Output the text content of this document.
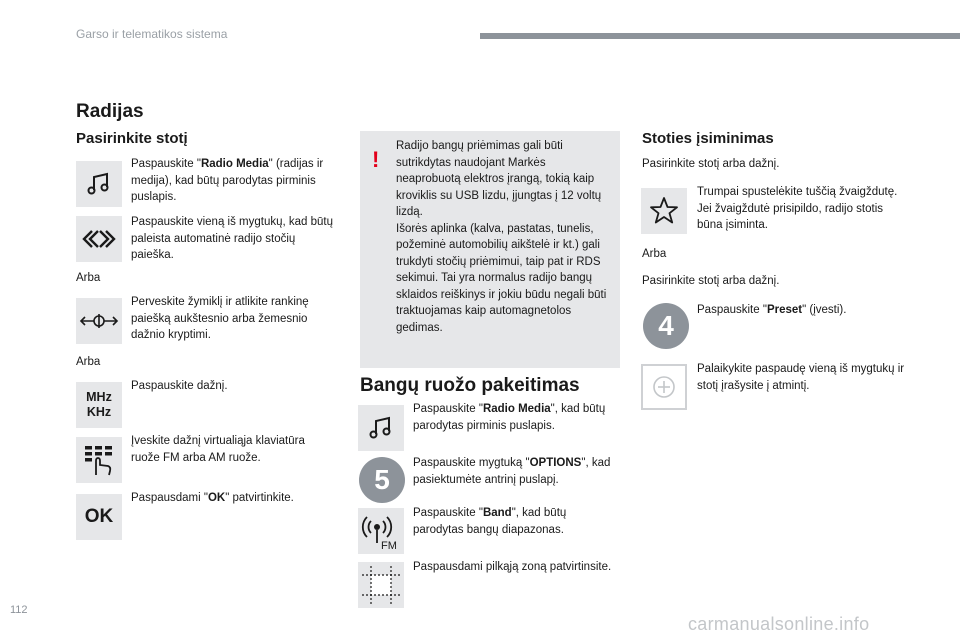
Garso ir telematikos sistema
Radijas
Pasirinkite stotį
Paspauskite "Radio Media" (radijas ir medija), kad būtų parodytas pirminis puslapis.
Paspauskite vieną iš mygtukų, kad būtų paleista automatinė radijo stočių paieška.
Arba
Perveskite žymiklį ir atlikite rankinę paiešką aukštesnio arba žemesnio dažnio kryptimi.
Arba
MHz
KHz
Paspauskite dažnį.
Įveskite dažnį virtualiąja klaviatūra ruože FM arba AM ruože.
OK
Paspausdami "OK" patvirtinkite.
!
Radijo bangų priėmimas gali būti sutrikdytas naudojant Markės neaprobuotą elektros įrangą, tokią kaip kroviklis su USB lizdu, įjungtas į 12 voltų lizdą.
Išorės aplinka (kalva, pastatas, tunelis, požeminė automobilių aikštelė ir kt.) gali trukdyti stočių priėmimui, taip pat ir RDS sekimui. Tai yra normalus radijo bangų sklaidos reiškinys ir jokiu būdu negali būti traktuojamas kaip automagnetolos gedimas.
Bangų ruožo pakeitimas
Paspauskite "Radio Media", kad būtų parodytas pirminis puslapis.
5
Paspauskite mygtuką "OPTIONS", kad pasiektumėte antrinį puslapį.
FM
Paspauskite "Band", kad būtų parodytas bangų diapazonas.
Paspausdami pilkąją zoną patvirtinsite.
Stoties įsiminimas
Pasirinkite stotį arba dažnį.
Trumpai spustelėkite tuščią žvaigždutę. Jei žvaigždutė prisipildo, radijo stotis būna įsiminta.
Arba
Pasirinkite stotį arba dažnį.
4	Paspauskite "Preset" (įvesti).
Palaikykite paspaudę vieną iš mygtukų ir stotį įrašysite į atmintį.
112
carmanualsonline.info
